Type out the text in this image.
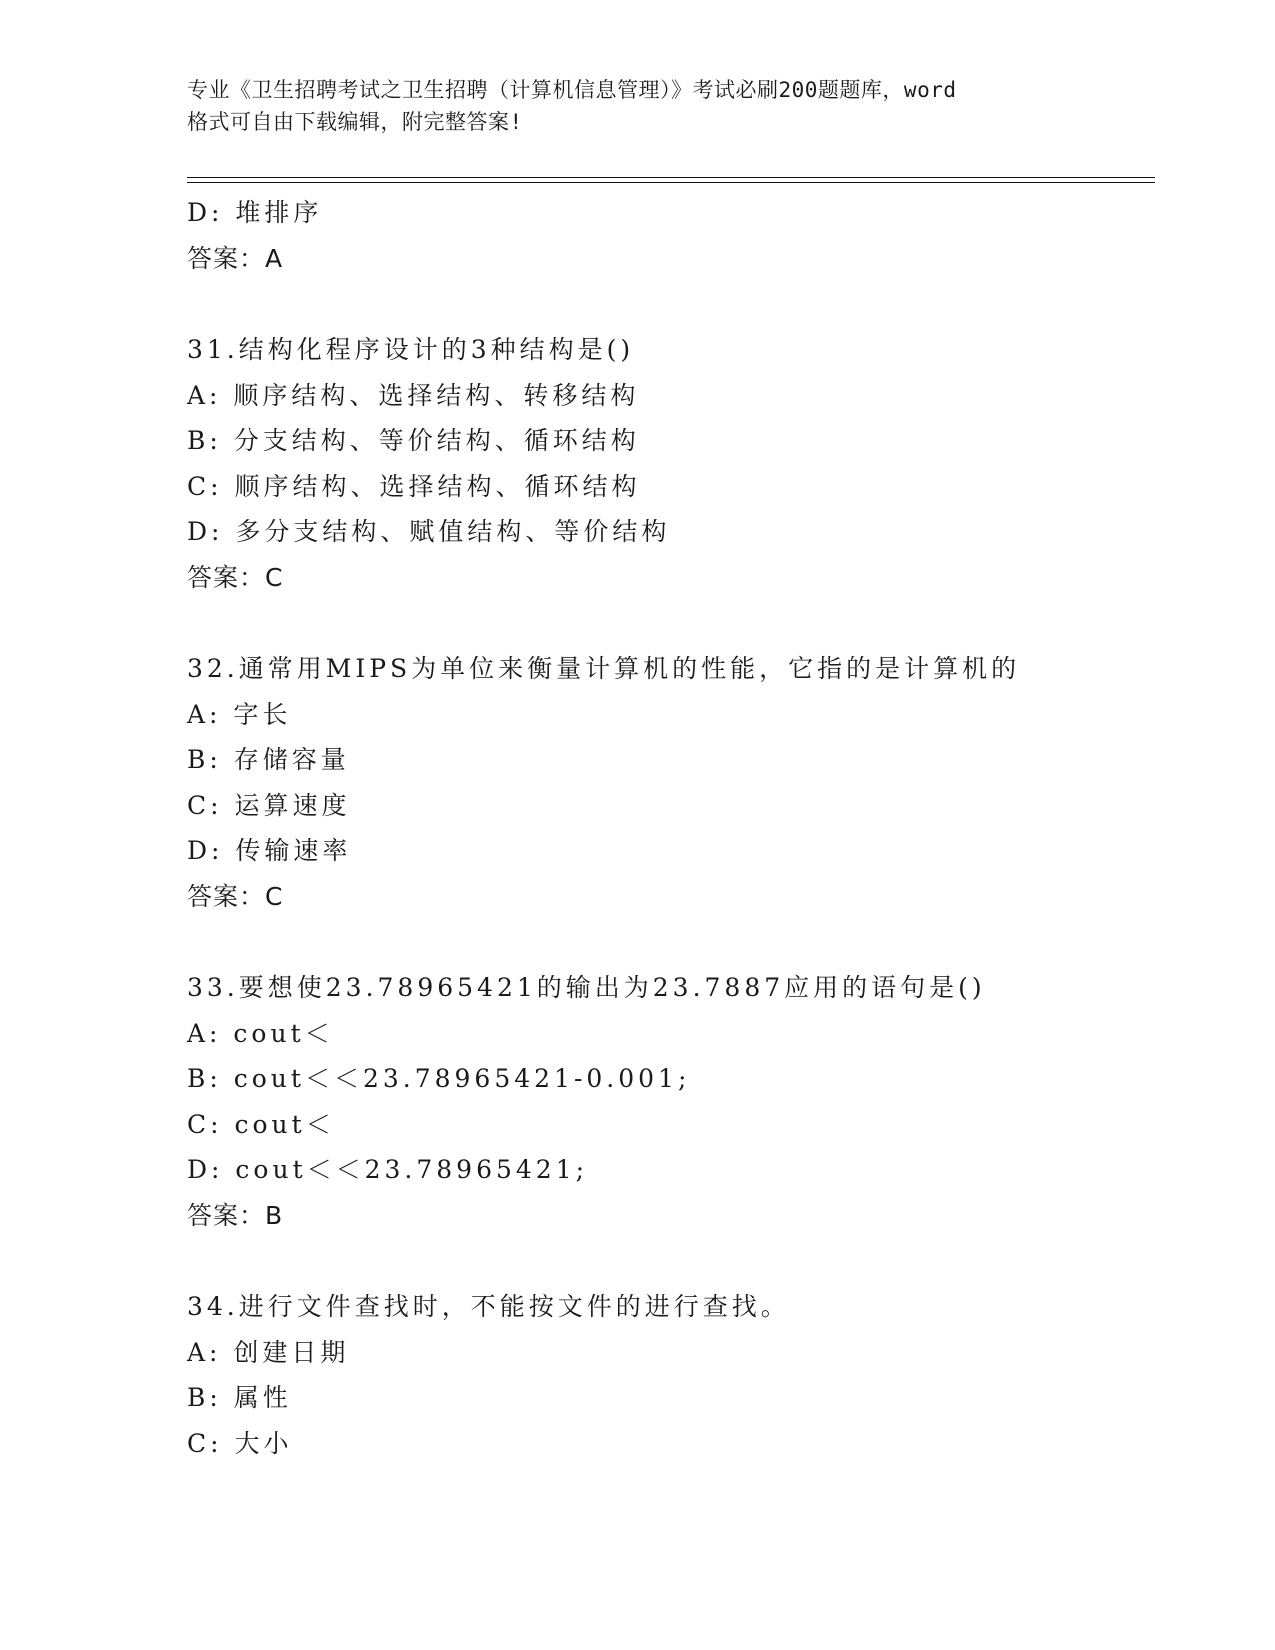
专业《卫生招聘考试之卫生招聘（计算机信息管理）》考试必刷200题题库，word
格式可自由下载编辑，附完整答案!
D: 堆排序
答案：A
31.结构化程序设计的3种结构是()
A: 顺序结构、选择结构、转移结构
B: 分支结构、等价结构、循环结构
C: 顺序结构、选择结构、循环结构
D: 多分支结构、赋值结构、等价结构
答案：C
32.通常用MIPS为单位来衡量计算机的性能，它指的是计算机的
A: 字长
B: 存储容量
C: 运算速度
D: 传输速率
答案：C
33.要想使23.78965421的输出为23.7887应用的语句是()
A: cout＜
B: cout＜＜23.78965421-0.001;
C: cout＜
D: cout＜＜23.78965421;
答案：B
34.进行文件查找时，不能按文件的进行查找。
A: 创建日期
B: 属性
C: 大小
